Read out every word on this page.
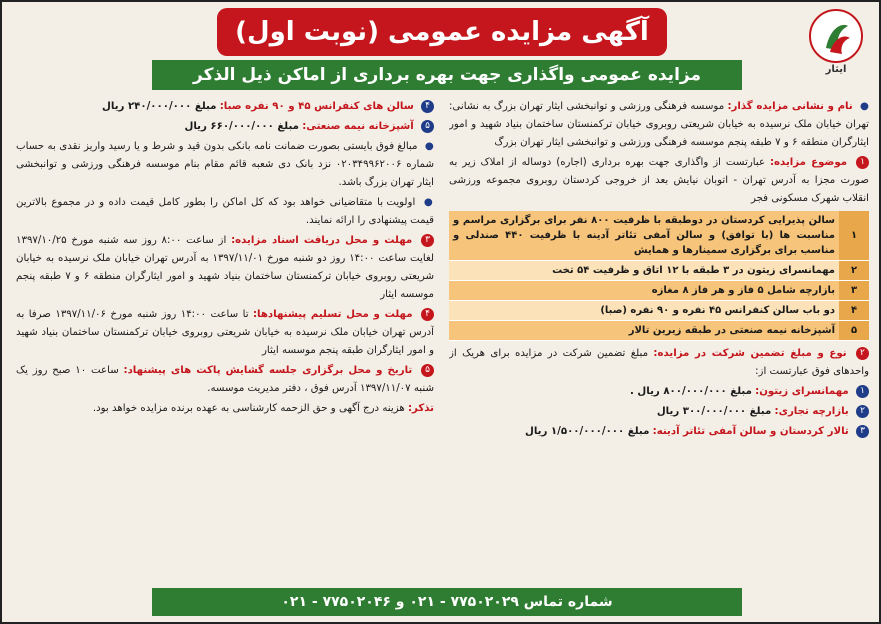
ایثار
آگهی مزایده عمومی (نوبت اول)
مزایده عمومی واگذاری جهت بهره برداری از اماکن ذیل الذکر
● نام و نشانی مزایده گذار: موسسه فرهنگی ورزشی و توانبخشی ایثار تهران بزرگ به نشانی: تهران خیابان ملک نرسیده به خیابان شریعتی روبروی خیابان ترکمنستان ساختمان بنیاد شهید و امور ایثارگران منطقه ۶ و ۷ طبقه پنجم موسسه فرهنگی ورزشی و توانبخشی ایثار تهران بزرگ
۱ موضوع مزایده: عبارتست از واگذاری جهت بهره برداری (اجاره) دوساله از املاک زیر به صورت مجزا به آدرس تهران - اتوبان نیایش بعد از خروجی کردستان روبروی مجموعه ورزشی انقلاب شهرک مسکونی فجر
۱	سالن پذیرایی کردستان در دوطبقه با ظرفیت ۸۰۰ نفر برای برگزاری مراسم و مناسبت ها (با توافق) و سالن آمفی تئاتر آدینه با ظرفیت ۴۴۰ صندلی و مناسب برای برگزاری سمینارها و همایش
۲	مهمانسرای زیتون در ۳ طبقه با ۱۲ اتاق و ظرفیت ۵۴ تخت
۳	بازارچه شامل ۵ فاز و هر فاز ۸ مغازه
۴	دو باب سالن کنفرانس ۴۵ نفره و ۹۰ نفره (صبا)
۵	آشپزخانه نیمه صنعتی در طبقه زیرین تالار
۲ نوع و مبلغ تضمین شرکت در مزایده: مبلغ تضمین شرکت در مزایده برای هریک از واحدهای فوق عبارتست از:
۱ مهمانسرای زیتون: مبلغ ۸۰۰/۰۰۰/۰۰۰ ریال .
۲ بازارچه تجاری: مبلغ ۳۰۰/۰۰۰/۰۰۰ ریال
۳ تالار کردستان و سالن آمفی تئاتر آدینه: مبلغ ۱/۵۰۰/۰۰۰/۰۰۰ ریال
۴ سالن های کنفرانس ۴۵ و ۹۰ نفره صبا: مبلغ ۲۴۰/۰۰۰/۰۰۰ ریال
۵ آشپزخانه نیمه صنعتی: مبلغ ۶۶۰/۰۰۰/۰۰۰ ریال
● مبالغ فوق بایستی بصورت ضمانت نامه بانکی بدون قید و شرط و یا رسید واریز نقدی به حساب شماره ۰۲۰۳۴۹۹۶۲۰۰۶ نزد بانک دی شعبه قائم مقام بنام موسسه فرهنگی ورزشی و توانبخشی ایثار تهران بزرگ باشد.
● اولویت با متقاضیانی خواهد بود که کل اماکن را بطور کامل قیمت داده و در مجموع بالاترین قیمت پیشنهادی را ارائه نمایند.
۳ مهلت و محل دریافت اسناد مزایده: از ساعت ۸:۰۰ روز سه شنبه مورخ ۱۳۹۷/۱۰/۲۵ لغایت ساعت ۱۴:۰۰ روز دو شنبه مورخ ۱۳۹۷/۱۱/۰۱ به آدرس تهران خیابان ملک نرسیده به خیابان شریعتی روبروی خیابان ترکمنستان ساختمان بنیاد شهید و امور ایثارگران منطقه ۶ و ۷ طبقه پنجم موسسه ایثار
۴ مهلت و محل تسلیم پیشنهادها: تا ساعت ۱۴:۰۰ روز شنبه مورخ ۱۳۹۷/۱۱/۰۶ صرفا به آدرس تهران خیابان ملک نرسیده به خیابان شریعتی روبروی خیابان ترکمنستان ساختمان بنیاد شهید و امور ایثارگران طبقه پنجم موسسه ایثار
۵ تاریخ و محل برگزاری جلسه گشایش پاکت های پیشنهاد: ساعت ۱۰ صبح روز یک شنبه ۱۳۹۷/۱۱/۰۷ آدرس فوق ، دفتر مدیریت موسسه.
تذکر: هزینه درج آگهی و حق الزحمه کارشناسی به عهده برنده مزایده خواهد بود.
شماره تماس ۷۷۵۰۲۰۲۹ - ۰۲۱ و ۷۷۵۰۲۰۴۶ - ۰۲۱
